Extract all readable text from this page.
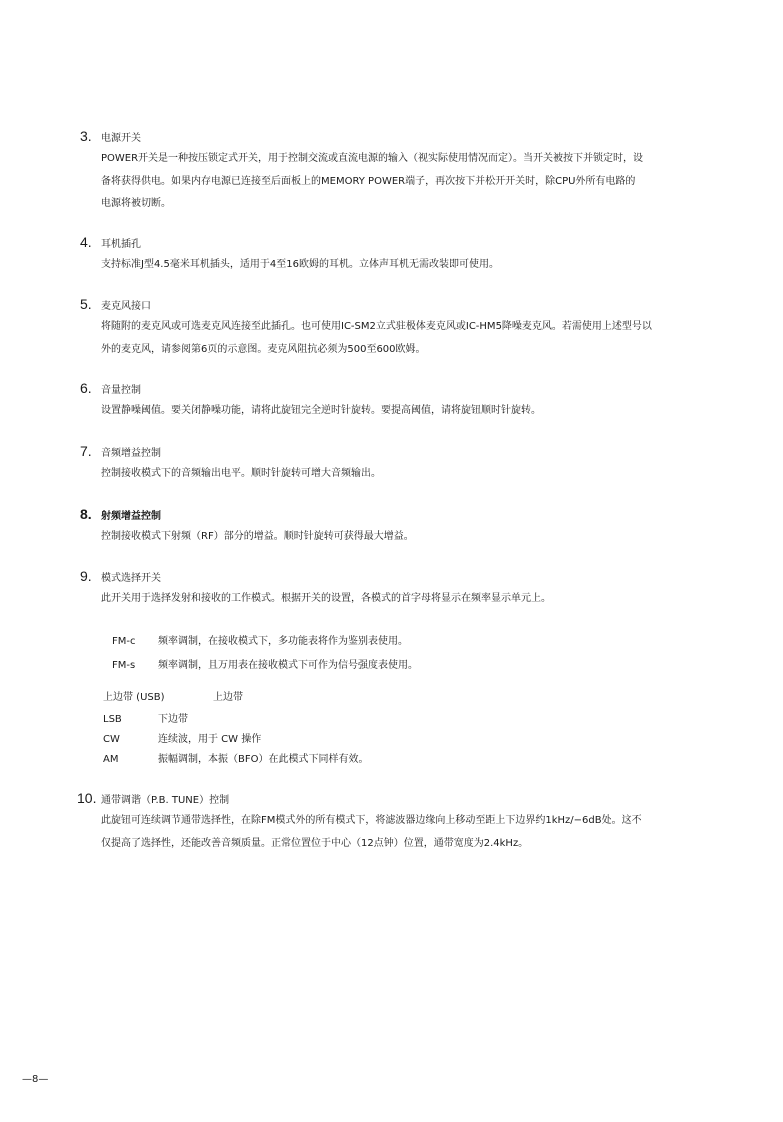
3. 电源开关
POWER开关是一种按压锁定式开关，用于控制交流或直流电源的输入（视实际使用情况而定）。当开关被按下并锁定时，设
备将获得供电。如果内存电源已连接至后面板上的MEMORY POWER端子，再次按下并松开开关时，除CPU外所有电路的
电源将被切断。
4. 耳机插孔
支持标准J型4.5毫米耳机插头，适用于4至16欧姆的耳机。立体声耳机无需改装即可使用。
5. 麦克风接口
将随附的麦克风或可选麦克风连接至此插孔。也可使用IC-SM2立式驻极体麦克风或IC-HM5降噪麦克风。若需使用上述型号以
外的麦克风，请参阅第6页的示意图。麦克风阻抗必须为500至600欧姆。
6. 音量控制
设置静噪阈值。要关闭静噪功能，请将此旋钮完全逆时针旋转。要提高阈值，请将旋钮顺时针旋转。
7. 音频增益控制
控制接收模式下的音频输出电平。顺时针旋转可增大音频输出。
8. 射频增益控制
控制接收模式下射频（RF）部分的增益。顺时针旋转可获得最大增益。
9. 模式选择开关
此开关用于选择发射和接收的工作模式。根据开关的设置，各模式的首字母将显示在频率显示单元上。
FM-c 频率调制，在接收模式下，多功能表将作为鉴别表使用。
FM-s 频率调制，且万用表在接收模式下可作为信号强度表使用。
上边带 (USB)	上边带
LSB	下边带
CW	连续波，用于 CW 操作
AM	振幅调制，本振（BFO）在此模式下同样有效。
10. 通带调谐（P.B. TUNE）控制
此旋钮可连续调节通带选择性，在除FM模式外的所有模式下，将滤波器边缘向上移动至距上下边界约1kHz/−6dB处。这不
仅提高了选择性，还能改善音频质量。正常位置位于中心（12点钟）位置，通带宽度为2.4kHz。
—8—
